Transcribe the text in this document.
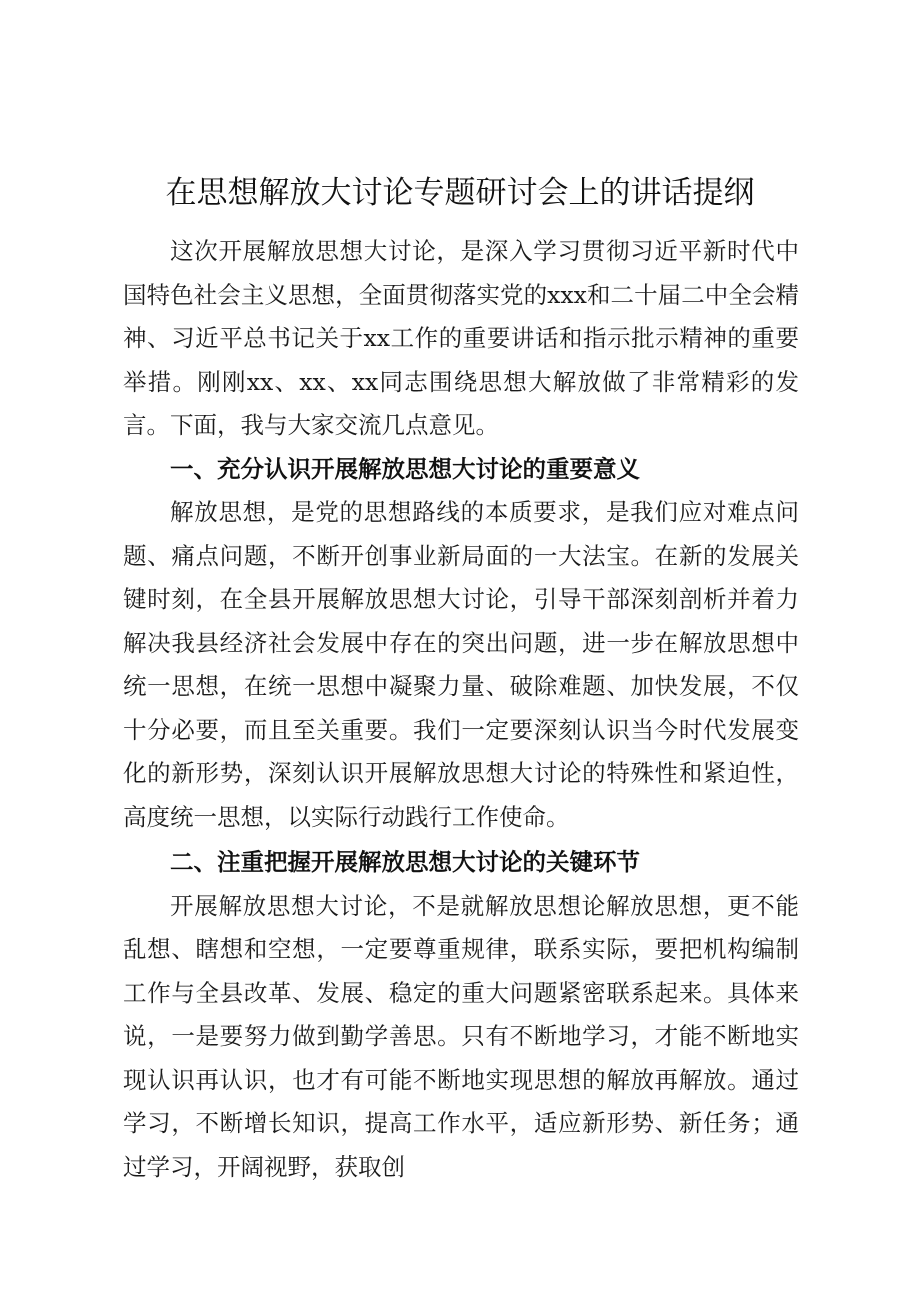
在思想解放大讨论专题研讨会上的讲话提纲

这次开展解放思想大讨论，是深入学习贯彻习近平新时代中国特色社会主义思想，全面贯彻落实党的xxx和二十届二中全会精神、习近平总书记关于xx工作的重要讲话和指示批示精神的重要举措。刚刚xx、xx、xx同志围绕思想大解放做了非常精彩的发言。下面，我与大家交流几点意见。

一、充分认识开展解放思想大讨论的重要意义

解放思想，是党的思想路线的本质要求，是我们应对难点问题、痛点问题，不断开创事业新局面的一大法宝。在新的发展关键时刻，在全县开展解放思想大讨论，引导干部深刻剖析并着力解决我县经济社会发展中存在的突出问题，进一步在解放思想中统一思想，在统一思想中凝聚力量、破除难题、加快发展，不仅十分必要，而且至关重要。我们一定要深刻认识当今时代发展变化的新形势，深刻认识开展解放思想大讨论的特殊性和紧迫性，高度统一思想，以实际行动践行工作使命。

二、注重把握开展解放思想大讨论的关键环节

开展解放思想大讨论，不是就解放思想论解放思想，更不能乱想、瞎想和空想，一定要尊重规律，联系实际，要把机构编制工作与全县改革、发展、稳定的重大问题紧密联系起来。具体来说，一是要努力做到勤学善思。只有不断地学习，才能不断地实现认识再认识，也才有可能不断地实现思想的解放再解放。通过学习，不断增长知识，提高工作水平，适应新形势、新任务；通过学习，开阔视野，获取创
